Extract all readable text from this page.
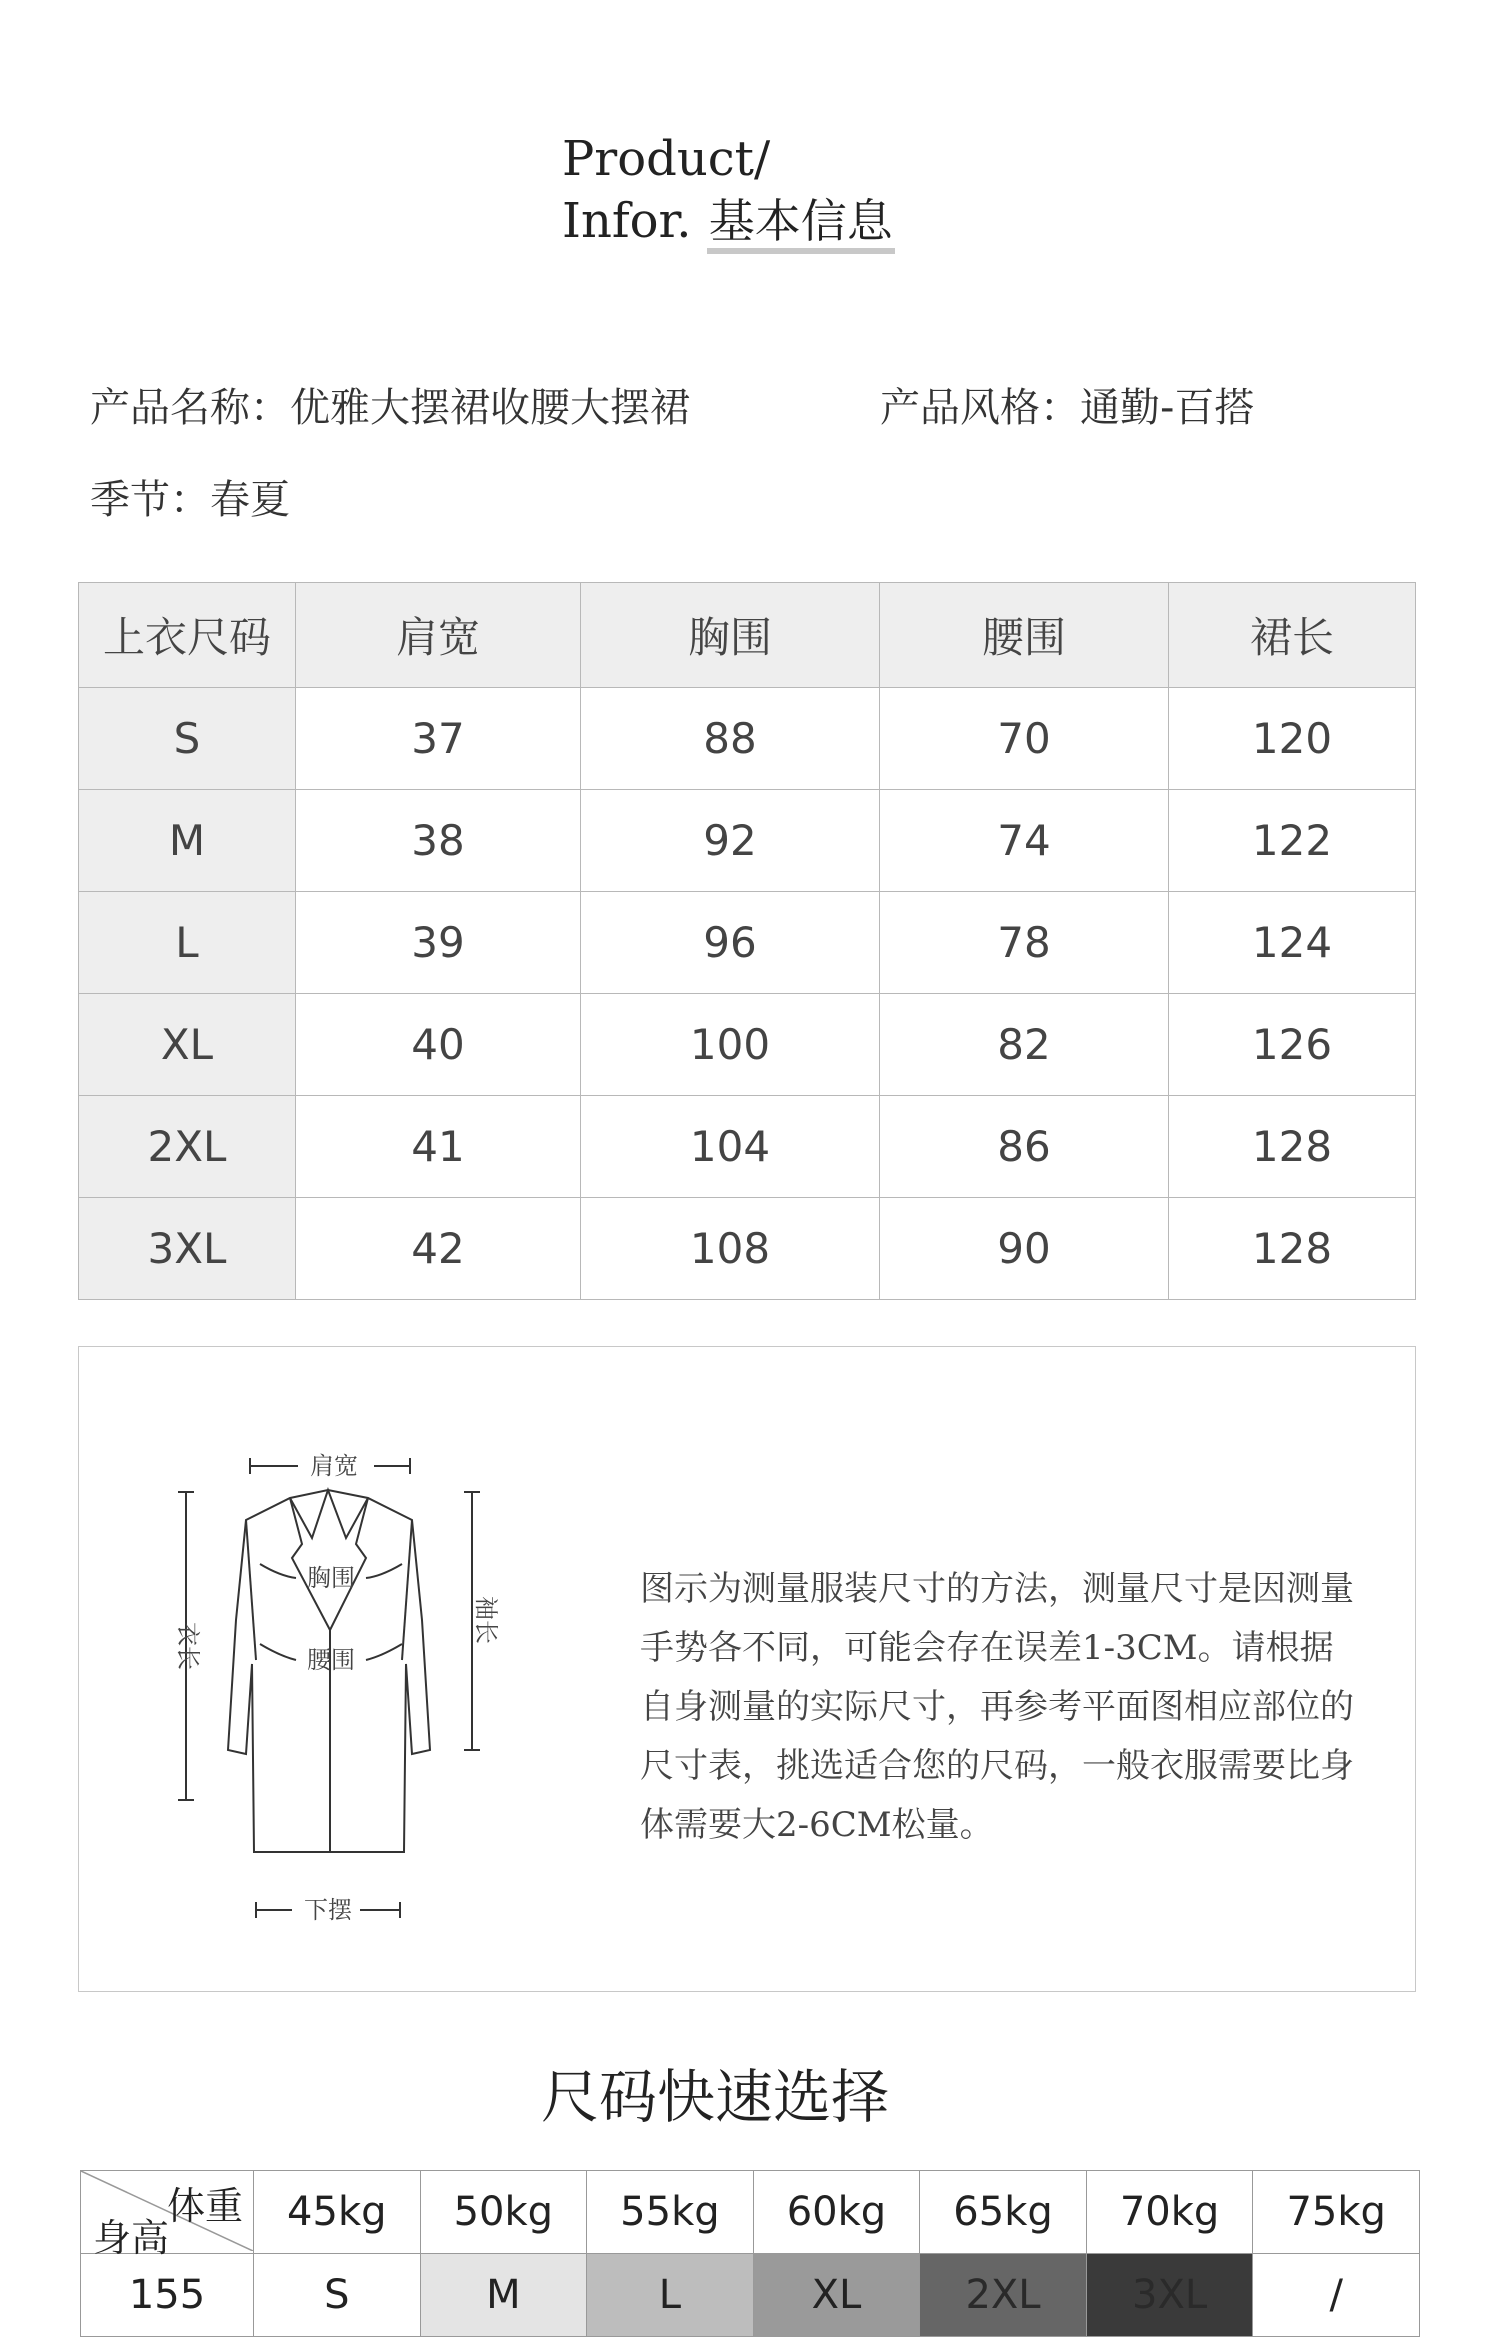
Product/
Infor. 基本信息
产品名称：优雅大摆裙收腰大摆裙	产品风格：通勤-百搭
季节：春夏
上衣尺码	肩宽	胸围	腰围	裙长
S	37	88	70	120
M	38	92	74	122
L	39	96	78	124
XL	40	100	82	126
2XL	41	104	86	128
3XL	42	108	90	128
肩宽
胸围
腰围
下摆
衣长
袖长
图示为测量服装尺寸的方法，测量尺寸是因测量手势各不同，可能会存在误差1-3CM。请根据自身测量的实际尺寸，再参考平面图相应部位的尺寸表，挑选适合您的尺码，一般衣服需要比身体需要大2-6CM松量。
尺码快速选择
体重
身高	45kg	50kg	55kg	60kg	65kg	70kg	75kg
155	S	M	L	XL	2XL	3XL	/
